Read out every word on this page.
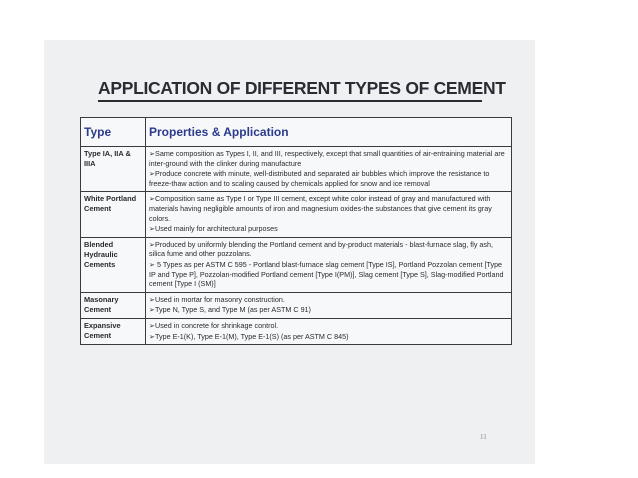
APPLICATION OF DIFFERENT TYPES OF CEMENT
Type	Properties & Application
Type IA, IIA & IIIA	➢Same composition as Types I, II, and III, respectively, except that small quantities of air-entraining material are inter-ground with the clinker during manufacture

➢Produce concrete with minute, well-distributed and separated air bubbles which improve the resistance to freeze-thaw action and to scaling caused by chemicals applied for snow and ice removal

White Portland Cement	➢Composition same as Type I or Type III cement, except white color instead of gray and manufactured with materials having negligible amounts of iron and magnesium oxides-the substances that give cement its gray colors.

➢Used mainly for architectural purposes

Blended Hydraulic Cements	➢Produced by uniformly blending the Portland cement and by-product materials - blast-furnace slag, fly ash, silica fume and other pozzolans.

➢ 5 Types as per ASTM C 595 - Portland blast-furnace slag cement [Type IS], Portland Pozzolan cement [Type IP and Type P], Pozzolan-modified Portland cement [Type I(PM)], Slag cement [Type S], Slag-modified Portland cement [Type I (SM)]

Masonary Cement	➢Used in mortar for masonry construction.

➢Type N, Type S, and Type M (as per ASTM C 91)

Expansive Cement	➢Used in concrete for shrinkage control.

➢Type E-1(K), Type E-1(M), Type E-1(S) (as per ASTM C 845)

11
